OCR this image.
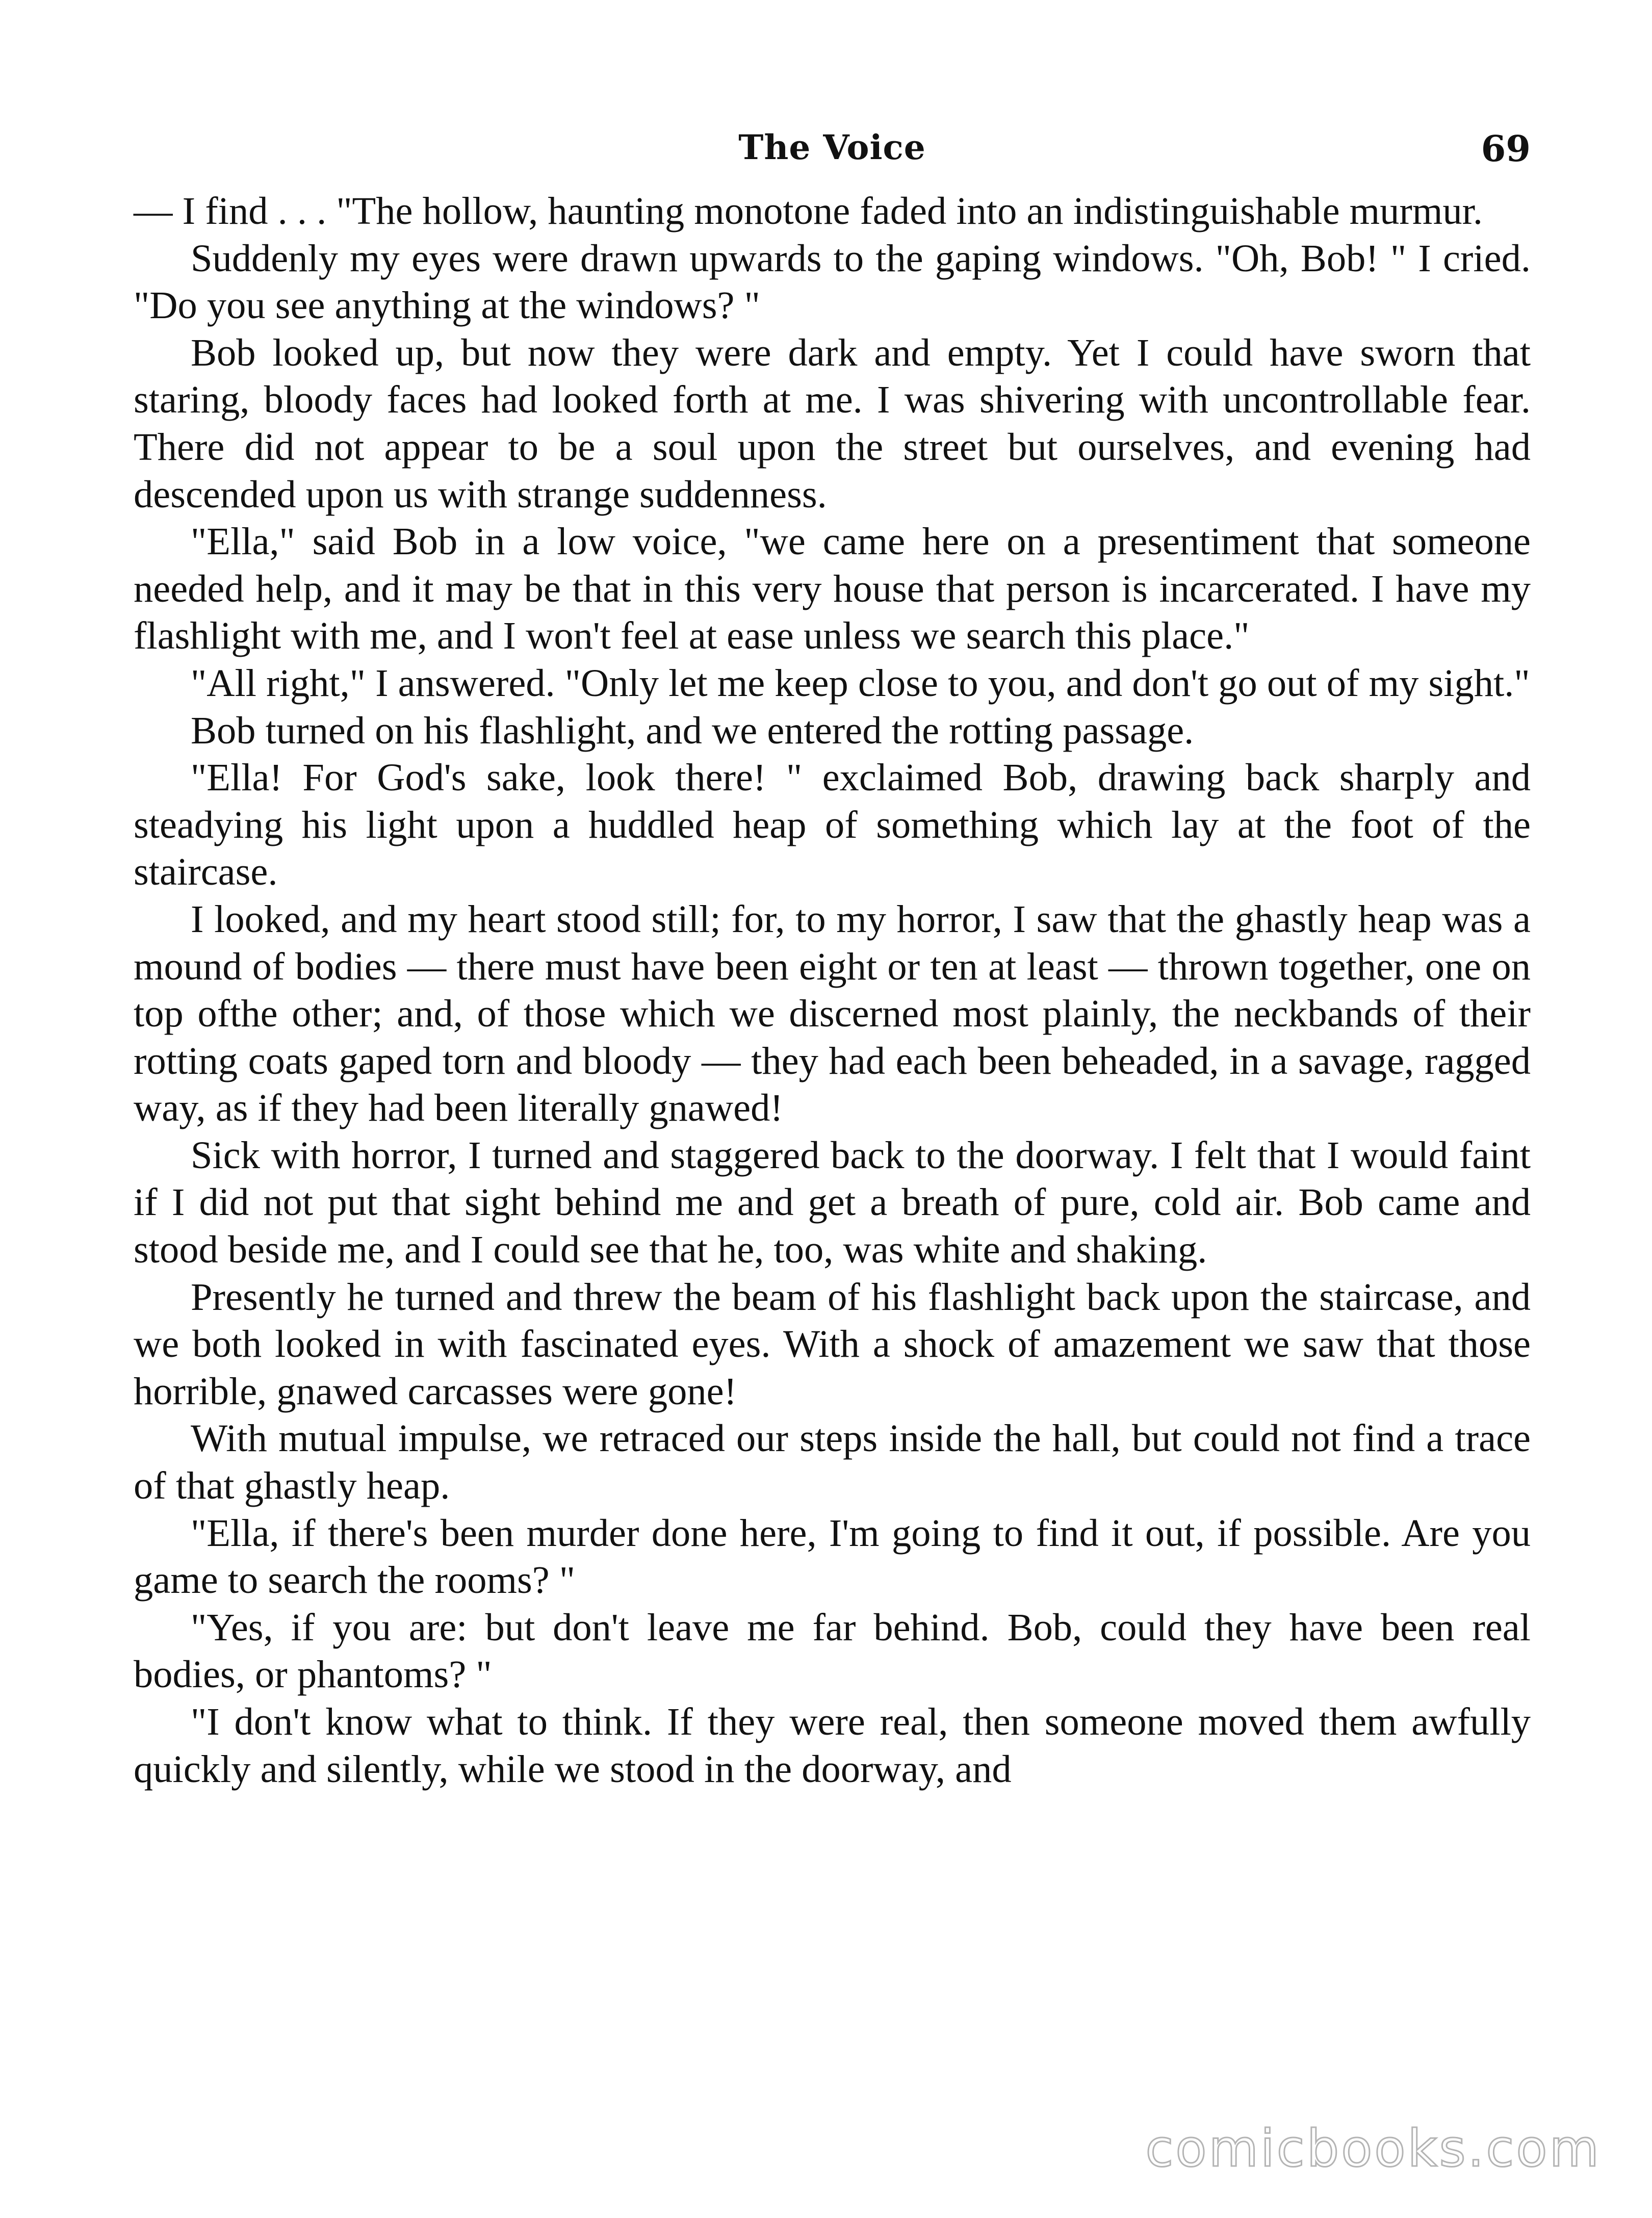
The Voice	69

— I find . . . "The hollow, haunting monotone faded into an indistinguishable murmur.

Suddenly my eyes were drawn upwards to the gaping windows. "Oh, Bob! " I cried. "Do you see anything at the windows? "

Bob looked up, but now they were dark and empty. Yet I could have sworn that staring, bloody faces had looked forth at me. I was shivering with uncontrollable fear. There did not appear to be a soul upon the street but ourselves, and evening had descended upon us with strange suddenness.

"Ella," said Bob in a low voice, "we came here on a presentiment that someone needed help, and it may be that in this very house that person is incarcerated. I have my flashlight with me, and I won't feel at ease unless we search this place."

"All right," I answered. "Only let me keep close to you, and don't go out of my sight."

Bob turned on his flashlight, and we entered the rotting passage.

"Ella! For God's sake, look there! " exclaimed Bob, drawing back sharply and steadying his light upon a huddled heap of something which lay at the foot of the staircase.

I looked, and my heart stood still; for, to my horror, I saw that the ghastly heap was a mound of bodies — there must have been eight or ten at least — thrown together, one on top ofthe other; and, of those which we discerned most plainly, the neckbands of their rotting coats gaped torn and bloody — they had each been beheaded, in a savage, ragged way, as if they had been literally gnawed!

Sick with horror, I turned and staggered back to the doorway. I felt that I would faint if I did not put that sight behind me and get a breath of pure, cold air. Bob came and stood beside me, and I could see that he, too, was white and shaking.

Presently he turned and threw the beam of his flashlight back upon the staircase, and we both looked in with fascinated eyes. With a shock of amazement we saw that those horrible, gnawed carcasses were gone!

With mutual impulse, we retraced our steps inside the hall, but could not find a trace of that ghastly heap.

"Ella, if there's been murder done here, I'm going to find it out, if possible. Are you game to search the rooms? "

"Yes, if you are: but don't leave me far behind. Bob, could they have been real bodies, or phantoms? "

"I don't know what to think. If they were real, then someone moved them awfully quickly and silently, while we stood in the doorway, and

comicbooks.com
